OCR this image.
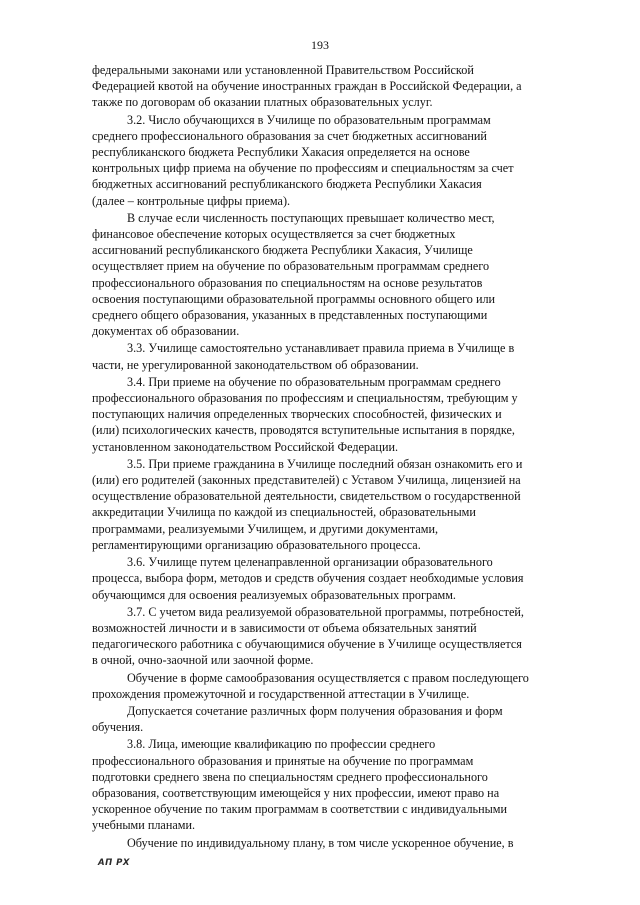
193

федеральными законами или установленной Правительством Российской
Федерацией квотой на обучение иностранных граждан в Российской Федерации, а
также по договорам об оказании платных образовательных услуг.

3.2. Число обучающихся в Училище по образовательным программам
среднего профессионального образования за счет бюджетных ассигнований
республиканского бюджета Республики Хакасия определяется на основе
контрольных цифр приема на обучение по профессиям и специальностям за счет
бюджетных ассигнований республиканского бюджета Республики Хакасия
(далее – контрольные цифры приема).

В случае если численность поступающих превышает количество мест,
финансовое обеспечение которых осуществляется за счет бюджетных
ассигнований республиканского бюджета Республики Хакасия, Училище
осуществляет прием на обучение по образовательным программам среднего
профессионального образования по специальностям на основе результатов
освоения поступающими образовательной программы основного общего или
среднего общего образования, указанных в представленных поступающими
документах об образовании.

3.3. Училище самостоятельно устанавливает правила приема в Училище в
части, не урегулированной законодательством об образовании.

3.4. При приеме на обучение по образовательным программам среднего
профессионального образования по профессиям и специальностям, требующим у
поступающих наличия определенных творческих способностей, физических и
(или) психологических качеств, проводятся вступительные испытания в порядке,
установленном законодательством Российской Федерации.

3.5. При приеме гражданина в Училище последний обязан ознакомить его и
(или) его родителей (законных представителей) с Уставом Училища, лицензией на
осуществление образовательной деятельности, свидетельством о государственной
аккредитации Училища по каждой из специальностей, образовательными
программами, реализуемыми Училищем, и другими документами,
регламентирующими организацию образовательного процесса.

3.6. Училище путем целенаправленной организации образовательного
процесса, выбора форм, методов и средств обучения создает необходимые условия
обучающимся для освоения реализуемых образовательных программ.

3.7. С учетом вида реализуемой образовательной программы, потребностей,
возможностей личности и в зависимости от объема обязательных занятий
педагогического работника с обучающимися обучение в Училище осуществляется
в очной, очно-заочной или заочной форме.

Обучение в форме самообразования осуществляется с правом последующего
прохождения промежуточной и государственной аттестации в Училище.

Допускается сочетание различных форм получения образования и форм
обучения.

3.8. Лица, имеющие квалификацию по профессии среднего
профессионального образования и принятые на обучение по программам
подготовки среднего звена по специальностям среднего профессионального
образования, соответствующим имеющейся у них профессии, имеют право на
ускоренное обучение по таким программам в соответствии с индивидуальными
учебными планами.

Обучение по индивидуальному плану, в том числе ускоренное обучение, в

АП РХ
